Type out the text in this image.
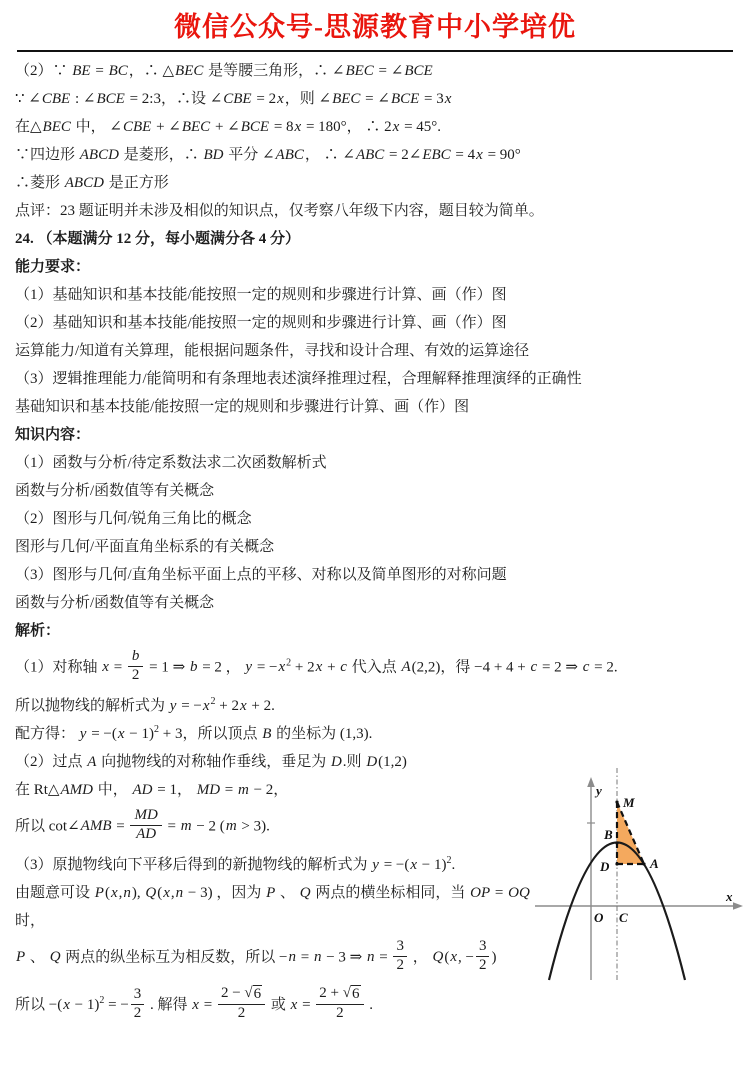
微信公众号-思源教育中小学培优
（2）∵ BE = BC，∴ △BEC 是等腰三角形，∴ ∠BEC = ∠BCE
∵ ∠CBE : ∠BCE = 2:3，∴设 ∠CBE = 2x，则 ∠BEC = ∠BCE = 3x
在△BEC 中， ∠CBE + ∠BEC + ∠BCE = 8x = 180°， ∴ 2x = 45°.
∵四边形 ABCD 是菱形，∴ BD 平分 ∠ABC， ∴ ∠ABC = 2∠EBC = 4x = 90°
∴菱形 ABCD 是正方形
点评：23 题证明并未涉及相似的知识点，仅考察八年级下内容，题目较为简单。
24. （本题满分 12 分，每小题满分各 4 分）
能力要求：
（1）基础知识和基本技能/能按照一定的规则和步骤进行计算、画（作）图
（2）基础知识和基本技能/能按照一定的规则和步骤进行计算、画（作）图
运算能力/知道有关算理，能根据问题条件，寻找和设计合理、有效的运算途径
（3）逻辑推理能力/能简明和有条理地表述演绎推理过程，合理解释推理演绎的正确性
基础知识和基本技能/能按照一定的规则和步骤进行计算、画（作）图
知识内容：
（1）函数与分析/待定系数法求二次函数解析式
函数与分析/函数值等有关概念
（2）图形与几何/锐角三角比的概念
图形与几何/平面直角坐标系的有关概念
（3）图形与几何/直角坐标平面上点的平移、对称以及简单图形的对称问题
函数与分析/函数值等有关概念
解析：
（1）对称轴 $x = \frac{b}{2} = 1$ ⇒ b = 2 ， $y = -x^2 + 2x + c$ 代入点 A(2,2)，得 −4 + 4 + c = 2 ⇒ c = 2.
所以抛物线的解析式为 $y = -x^2 + 2x + 2$.
配方得： $y = -(x - 1)^2 + 3$，所以顶点 B 的坐标为 (1,3).
（2）过点 A 向抛物线的对称轴作垂线，垂足为 D.则 D(1,2)
在 Rt△AMD 中， AD = 1， MD = m − 2，
所以 cot∠AMB = $\frac{MD}{AD} = m - 2$ (m > 3).
（3）原抛物线向下平移后得到的新抛物线的解析式为 $y = -(x - 1)^2$.
由题意可设 P(x,n), Q(x,n − 3) ，因为 P 、 Q 两点的横坐标相同，当 OP = OQ
时，
P 、 Q 两点的纵坐标互为相反数，所以 −n = n − 3 ⇒ $n = \frac{3}{2}$ ， Q(x, − $\frac{3}{2}$ )
所以 $-(x - 1)^2$ = − $\frac{3}{2}$ . 解得 $x = \frac{2 - √ 6}{2}$ 或 $x = \frac{2 + √ 6}{2}$ .
y
x
O C
M
B
D	A
